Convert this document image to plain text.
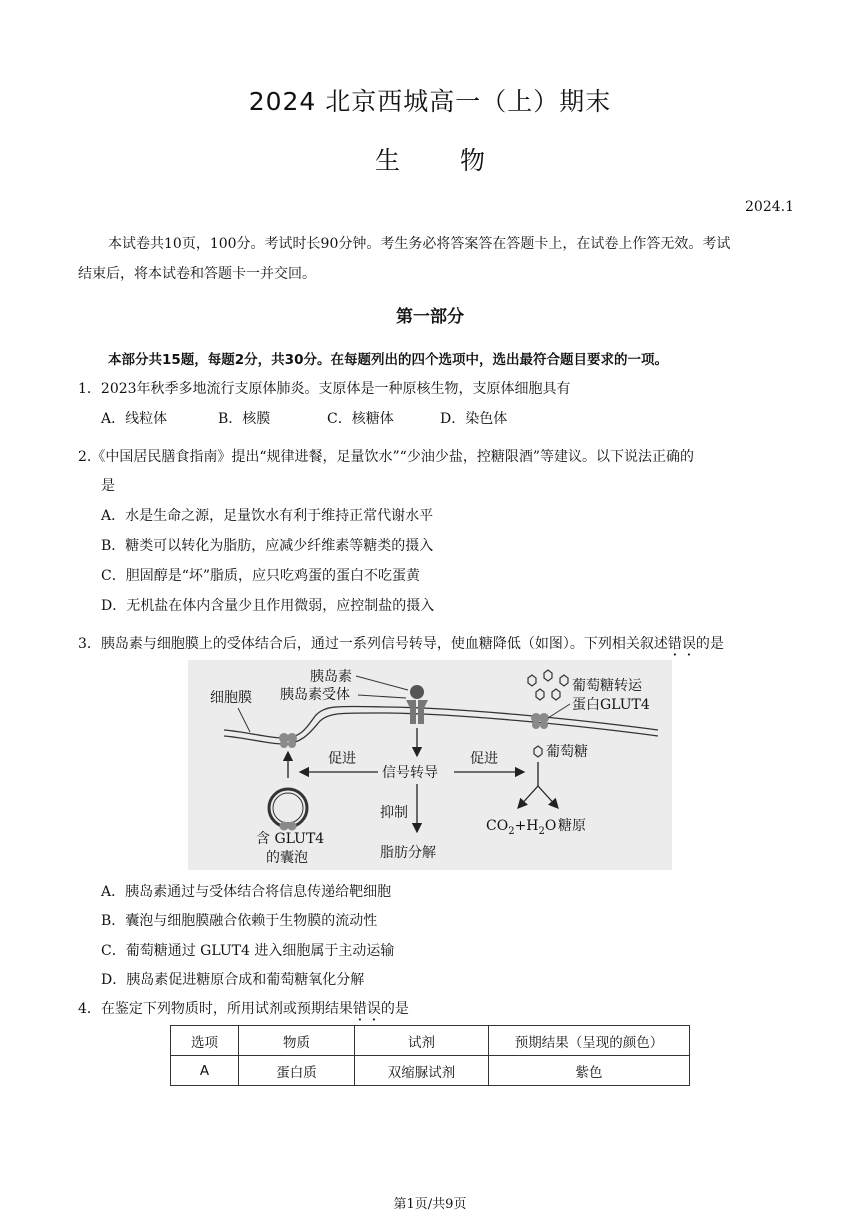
2024 北京西城高一（上）期末
生物
2024.1
本试卷共10页，100分。考试时长90分钟。考生务必将答案答在答题卡上，在试卷上作答无效。考试
结束后，将本试卷和答题卡一并交回。
第一部分
本部分共15题，每题2分，共30分。在每题列出的四个选项中，选出最符合题目要求的一项。
1．2023年秋季多地流行支原体肺炎。支原体是一种原核生物，支原体细胞具有
A．线粒体	B．核膜	C．核糖体	D．染色体
2.《中国居民膳食指南》提出“规律进餐，足量饮水”“少油少盐，控糖限酒”等建议。以下说法正确的
是
A．水是生命之源，足量饮水有利于维持正常代谢水平
B．糖类可以转化为脂肪，应减少纤维素等糖类的摄入
C．胆固醇是“坏”脂质，应只吃鸡蛋的蛋白不吃蛋黄
D．无机盐在体内含量少且作用微弱，应控制盐的摄入
3．胰岛素与细胞膜上的受体结合后，通过一系列信号转导，使血糖降低（如图）。下列相关叙述错误的是
细胞膜
胰岛素
胰岛素受体
葡萄糖转运
蛋白GLUT4
葡萄糖
信号转导
促进	促进
抑制
脂肪分解
含 GLUT4
的囊泡
$CO_2+H_2O$ 糖原
A．胰岛素通过与受体结合将信息传递给靶细胞
B．囊泡与细胞膜融合依赖于生物膜的流动性
C．葡萄糖通过 GLUT4 进入细胞属于主动运输
D．胰岛素促进糖原合成和葡萄糖氧化分解
4．在鉴定下列物质时，所用试剂或预期结果错误的是
选项	物质	试剂	预期结果（呈现的颜色）
A	蛋白质	双缩脲试剂	紫色
第1页/共9页
